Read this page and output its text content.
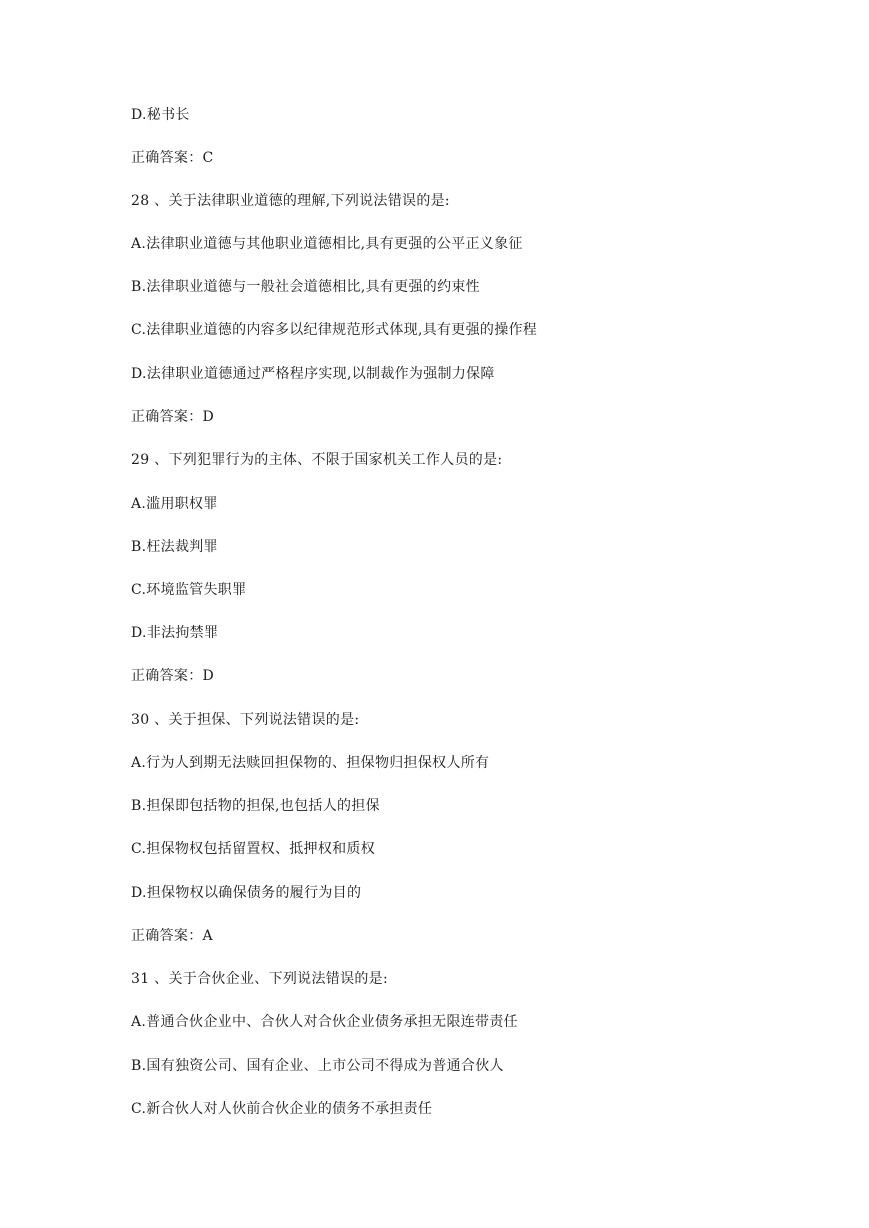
D.秘书长
正确答案：C
28 、关于法律职业道德的理解,下列说法错误的是:
A.法律职业道德与其他职业道德相比,具有更强的公平正义象征
B.法律职业道德与一般社会道德相比,具有更强的约束性
C.法律职业道德的内容多以纪律规范形式体现,具有更强的操作程
D.法律职业道德通过严格程序实现,以制裁作为强制力保障
正确答案：D
29 、下列犯罪行为的主体、不限于国家机关工作人员的是:
A.滥用职权罪
B.枉法裁判罪
C.环境监管失职罪
D.非法拘禁罪
正确答案：D
30 、关于担保、下列说法错误的是:
A.行为人到期无法赎回担保物的、担保物归担保权人所有
B.担保即包括物的担保,也包括人的担保
C.担保物权包括留置权、抵押权和质权
D.担保物权以确保债务的履行为目的
正确答案：A
31 、关于合伙企业、下列说法错误的是:
A.普通合伙企业中、合伙人对合伙企业债务承担无限连带责任
B.国有独资公司、国有企业、上市公司不得成为普通合伙人
C.新合伙人对人伙前合伙企业的债务不承担责任
